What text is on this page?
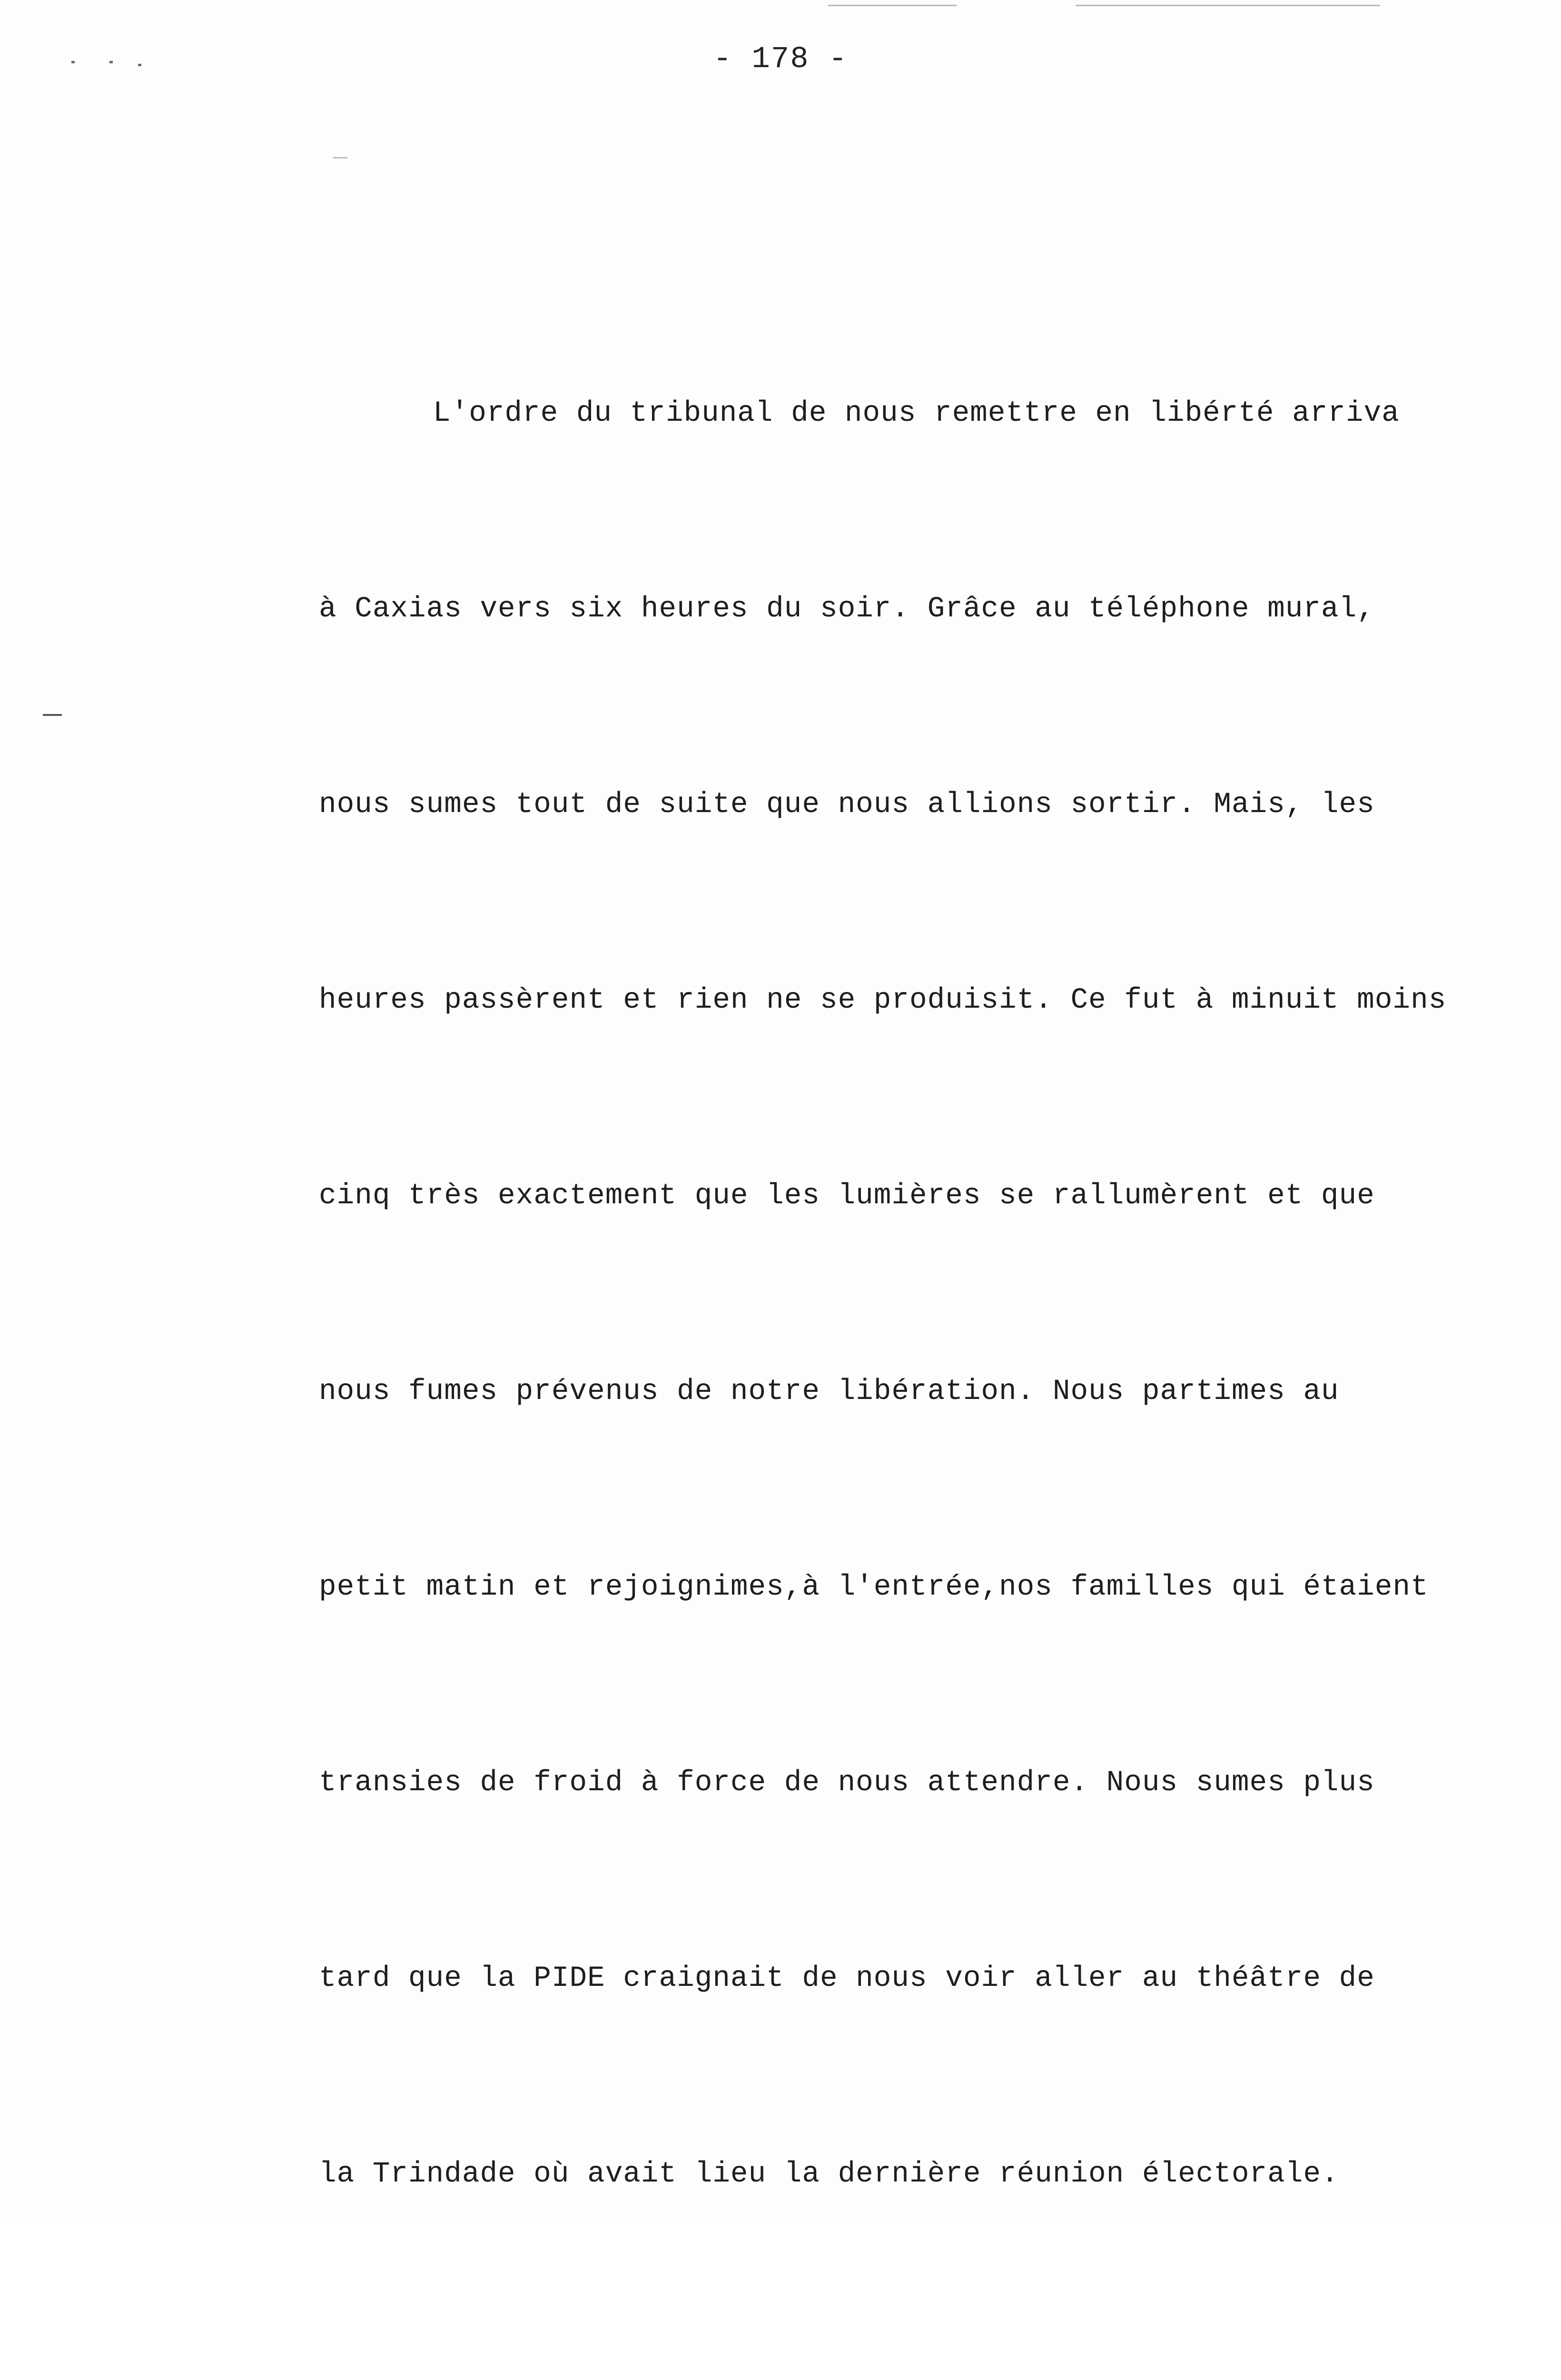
- 178 -

L'ordre du tribunal de nous remettre en libérté arriva

à Caxias vers six heures du soir. Grâce au téléphone mural,

nous sumes tout de suite que nous allions sortir. Mais, les

heures passèrent et rien ne se produisit. Ce fut à minuit moins

cinq très exactement que les lumières se rallumèrent et que

nous fumes prévenus de notre libération. Nous partimes au

petit matin et rejoignimes,à l'entrée,nos familles qui étaient

transies de froid à force de nous attendre. Nous sumes plus

tard que la PIDE craignait de nous voir aller au théâtre de

la Trindade où avait lieu la dernière réunion électorale.
